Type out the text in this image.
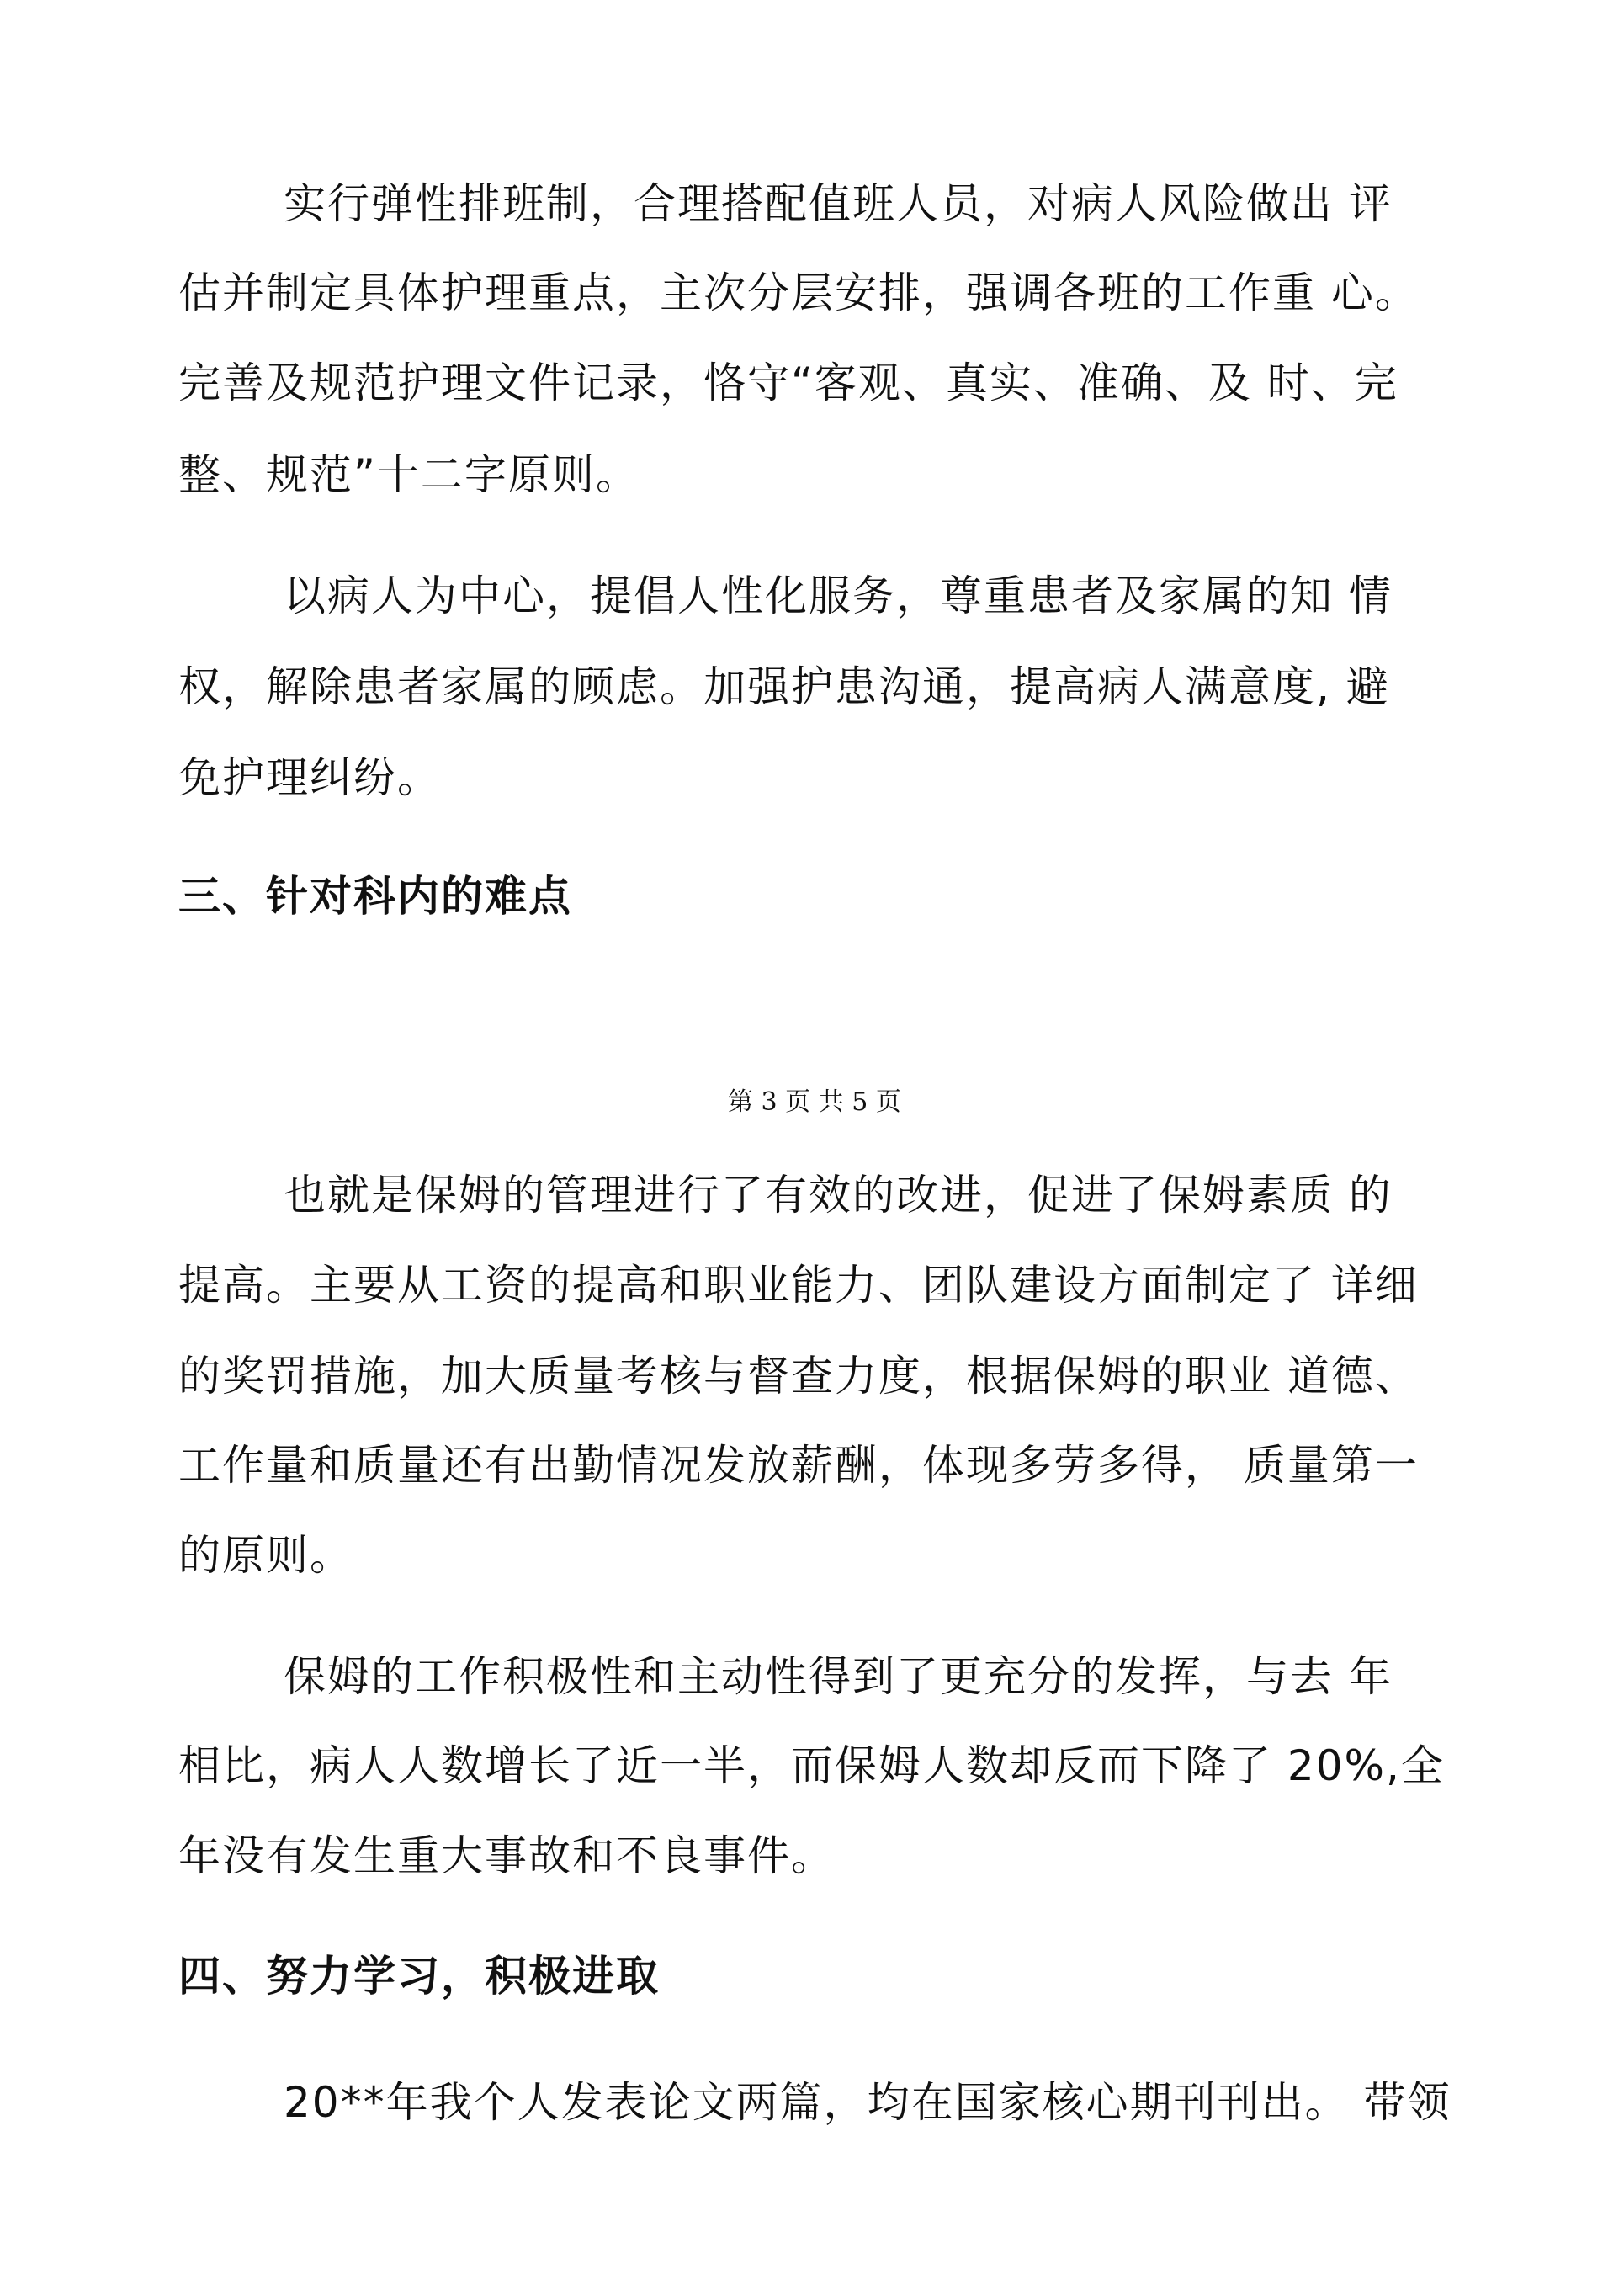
实行弹性排班制，合理搭配值班人员，对病人风险做出 评
估并制定具体护理重点，主次分层安排，强调各班的工作重 心。
完善及规范护理文件记录，恪守“客观、真实、准确、及 时、完
整、规范”十二字原则。
以病人为中心，提倡人性化服务，尊重患者及家属的知 情
权，解除患者家属的顾虑。加强护患沟通，提高病人满意度, 避
免护理纠纷。
三、针对科内的难点
第 3 页 共 5 页
也就是保姆的管理进行了有效的改进，促进了保姆素质 的
提高。主要从工资的提高和职业能力、团队建设方面制定了 详细
的奖罚措施，加大质量考核与督查力度，根据保姆的职业 道德、
工作量和质量还有出勤情况发放薪酬，体现多劳多得， 质量第一
的原则。
保姆的工作积极性和主动性得到了更充分的发挥，与去 年
相比，病人人数增长了近一半，而保姆人数却反而下降了 20%,全
年没有发生重大事故和不良事件。
四、努力学习，积极进取
20**年我个人发表论文两篇，均在国家核心期刊刊出。 带领
